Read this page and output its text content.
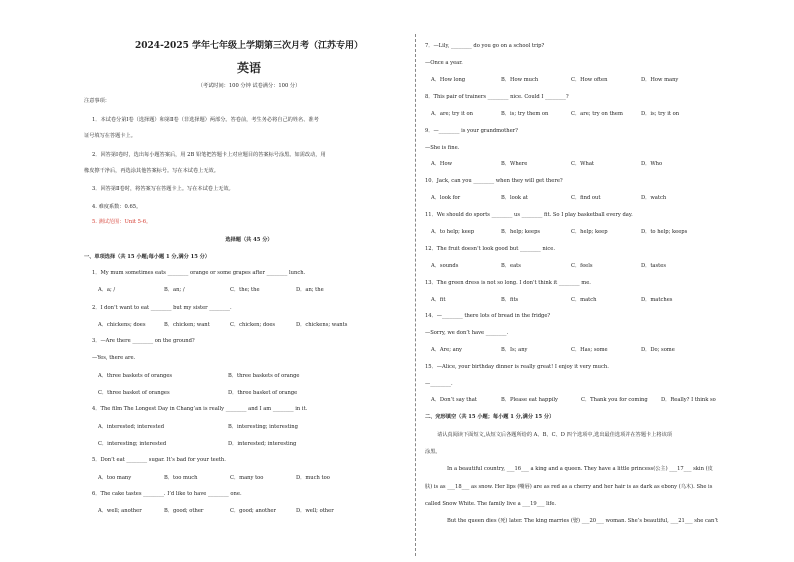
2024-2025 学年七年级上学期第三次月考（江苏专用）
英语
（考试时间：100 分钟 试卷满分：100 分）
注意事项：
1．本试卷分第Ⅰ卷（选择题）和第Ⅱ卷（非选择题）两部分。答卷前，考生务必将自己的姓名、准考
证号填写在答题卡上。
2．回答第Ⅰ卷时，选出每小题答案后，用 2B 铅笔把答题卡上对应题目的答案标号涂黑。如需改动，用
橡皮擦干净后，再选涂其他答案标号。写在本试卷上无效。
3．回答第Ⅱ卷时，将答案写在答题卡上。写在本试卷上无效。
4. 难度系数：0.65。
5. 测试范围：Unit 5-6。
选择题（共 45 分）
一、单项选择（共 15 小题;每小题 1 分,满分 15 分）
1．My mum sometimes eats ________ orange or some grapes after ________ lunch.
A．a; /	B．an; /	C．the; the	D．an; the
2．I don’t want to eat ________ but my sister ________.
A．chickens; does	B．chicken; want	C．chicken; does	D．chickens; wants
3．—Are there ________ on the ground?
—Yes, there are.
A．three baskets of oranges	B．three baskets of orange
C．three basket of oranges	D．three basket of orange
4．The film The Longest Day in Chang’an is really ________ and I am ________ in it.
A．interested; interested	B．interesting; interesting
C．interesting; interested	D．interested; interesting
5．Don’t eat ________ sugar. It’s bad for your teeth.
A．too many	B．too much	C．many too	D．much too
6．The cake tastes ________. I’d like to have ________ one.
A．well; another	B．good; other	C．good; another	D．well; other
7．—Lily, ________ do you go on a school trip?
—Once a year.
A．How long	B．How much	C．How often	D．How many
8．This pair of trainers ________ nice. Could I ________?
A．are; try it on	B．is; try them on	C．are; try on them	D．is; try it on
9．—________ is your grandmother?
—She is fine.
A．How	B．Where	C．What	D．Who
10．Jack, can you ________ when they will get there?
A．look for	B．look at	C．find out	D．watch
11．We should do sports ________ us ________ fit. So I play basketball every day.
A．to help; keep	B．help; keeps	C．help; keep	D．to help; keeps
12．The fruit doesn’t look good but ________ nice.
A．sounds	B．eats	C．feels	D．tastes
13．The green dress is not so long. I don’t think it ________ me.
A．fit	B．fits	C．match	D．matches
14．—________ there lots of bread in the fridge?
—Sorry, we don’t have ________.
A．Are; any	B．Is; any	C．Has; some	D．Do; some
15．—Alice, your birthday dinner is really great! I enjoy it very much.
—________.
A．Don’t say that	B．Please eat happily	C．Thank you for coming	D．Really? I think so
二、完形填空（共 15 小题；每小题 1 分,满分 15 分）
请认真阅读下面短文,从短文后各题所给的 A、B、C、D 四个选项中,选出最佳选项并在答题卡上将该项
涂黑。
In a beautiful country, ___16___ a king and a queen. They have a little princess(公主) ___17___ skin (皮
肤) is as ___18___ as snow. Her lips (嘴唇) are as red as a cherry and her hair is as dark as ebony (乌木). She is
called Snow White. The family live a ___19___ life.
But the queen dies (死) later. The king marries (娶) ___20___ woman. She’s beautiful, ___21___ she can’t
